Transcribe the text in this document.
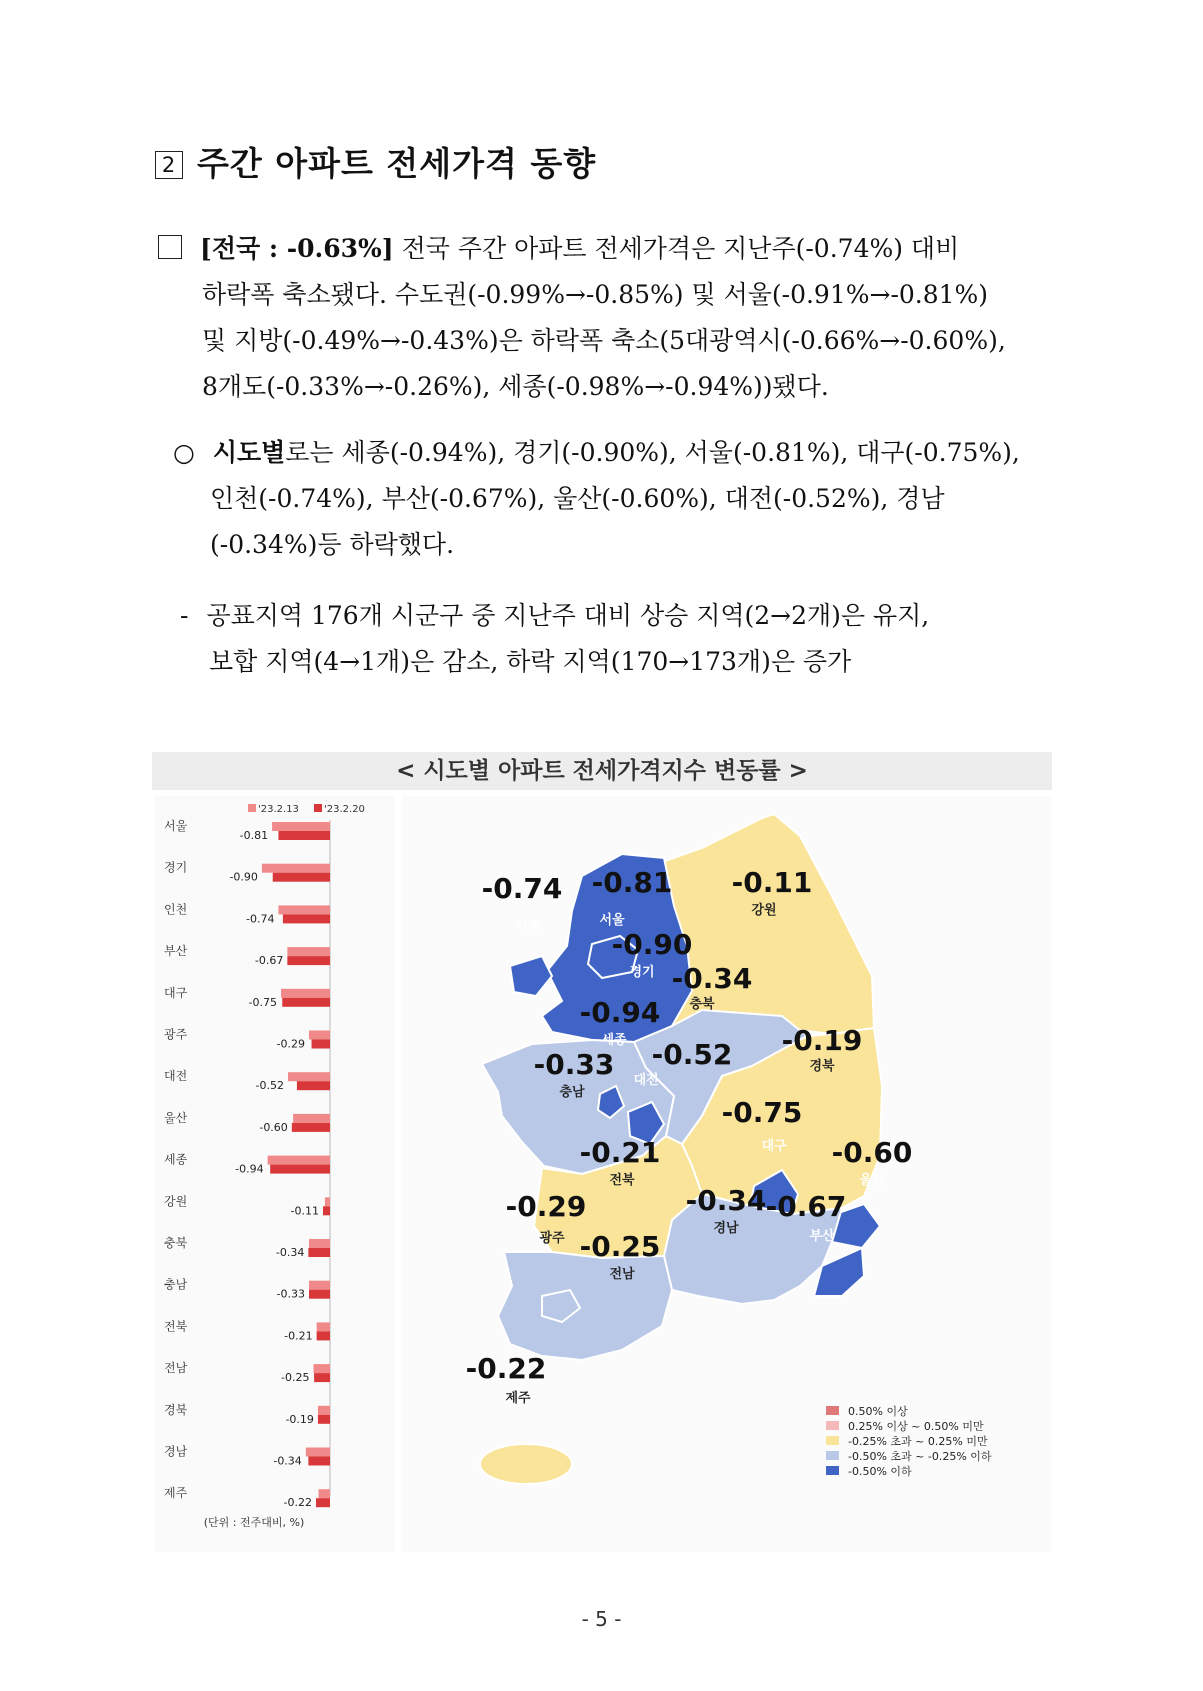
2 주간 아파트 전세가격 동향
[전국 : -0.63%] 전국 주간 아파트 전세가격은 지난주(-0.74%) 대비
하락폭 축소됐다. 수도권(-0.99%→-0.85%) 및 서울(-0.91%→-0.81%)
및 지방(-0.49%→-0.43%)은 하락폭 축소(5대광역시(-0.66%→-0.60%),
8개도(-0.33%→-0.26%), 세종(-0.98%→-0.94%))됐다.
○ 시도별로는 세종(-0.94%), 경기(-0.90%), 서울(-0.81%), 대구(-0.75%),
인천(-0.74%), 부산(-0.67%), 울산(-0.60%), 대전(-0.52%), 경남
(-0.34%)등 하락했다.
- 공표지역 176개 시군구 중 지난주 대비 상승 지역(2→2개)은 유지,
보합 지역(4→1개)은 감소, 하락 지역(170→173개)은 증가
< 시도별 아파트 전세가격지수 변동률 >
'23.2.13	'23.2.20
서울
-0.81
경기
-0.90
인천
-0.74
부산
-0.67
대구
-0.75
광주
-0.29
대전
-0.52
울산
-0.60
세종
-0.94
강원
-0.11
충북
-0.34
충남
-0.33
전북
-0.21
전남
-0.25
경북
-0.19
경남
-0.34
제주
-0.22
(단위 : 전주대비, %)
-0.81
서울
-0.74
인천
-0.90
경기
-0.11
강원
-0.34
충북
-0.94
세종 -0.52
대전
-0.33
충남
-0.19
경북
-0.75
대구 -0.60
울산
-0.21
전북
-0.29
광주 -0.25
전남
-0.34
경남
-0.67
부산
-0.22
제주
0.50% 이상
0.25% 이상 ~ 0.50% 미만
-0.25% 초과 ~ 0.25% 미만
-0.50% 초과 ~ -0.25% 이하
-0.50% 이하
- 5 -
